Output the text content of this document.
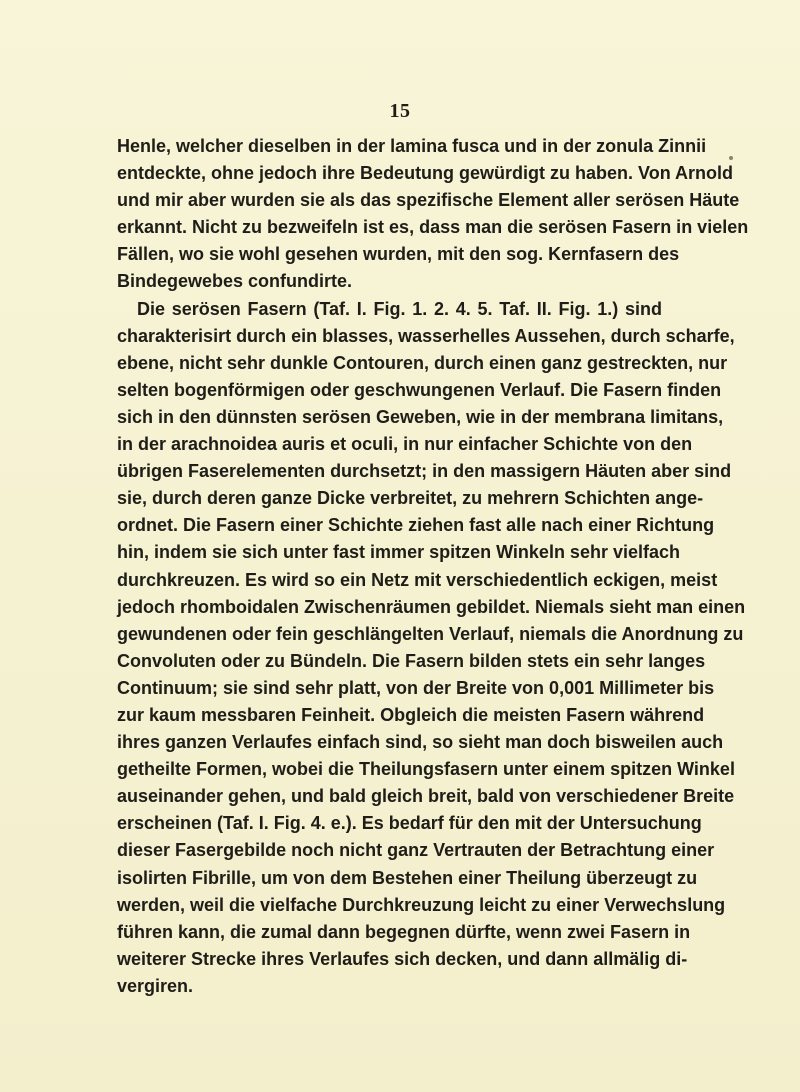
15
Henle, welcher dieselben in der lamina fusca und in der zonula Zinnii
entdeckte, ohne jedoch ihre Bedeutung gewürdigt zu haben. Von Arnold
und mir aber wurden sie als das spezifische Element aller serösen Häute
erkannt. Nicht zu bezweifeln ist es, dass man die serösen Fasern in vielen
Fällen, wo sie wohl gesehen wurden, mit den sog. Kernfasern des
Bindegewebes confundirte.
Die serösen Fasern (Taf. I. Fig. 1. 2. 4. 5. Taf. II. Fig. 1.) sind
charakterisirt durch ein blasses, wasserhelles Aussehen, durch scharfe,
ebene, nicht sehr dunkle Contouren, durch einen ganz gestreckten, nur
selten bogenförmigen oder geschwungenen Verlauf. Die Fasern finden
sich in den dünnsten serösen Geweben, wie in der membrana limitans,
in der arachnoidea auris et oculi, in nur einfacher Schichte von den
übrigen Faserelementen durchsetzt; in den massigern Häuten aber sind
sie, durch deren ganze Dicke verbreitet, zu mehrern Schichten ange-
ordnet. Die Fasern einer Schichte ziehen fast alle nach einer Richtung
hin, indem sie sich unter fast immer spitzen Winkeln sehr vielfach
durchkreuzen. Es wird so ein Netz mit verschiedentlich eckigen, meist
jedoch rhomboidalen Zwischenräumen gebildet. Niemals sieht man einen
gewundenen oder fein geschlängelten Verlauf, niemals die Anordnung zu
Convoluten oder zu Bündeln. Die Fasern bilden stets ein sehr langes
Continuum; sie sind sehr platt, von der Breite von 0,001 Millimeter bis
zur kaum messbaren Feinheit. Obgleich die meisten Fasern während
ihres ganzen Verlaufes einfach sind, so sieht man doch bisweilen auch
getheilte Formen, wobei die Theilungsfasern unter einem spitzen Winkel
auseinander gehen, und bald gleich breit, bald von verschiedener Breite
erscheinen (Taf. I. Fig. 4. e.). Es bedarf für den mit der Untersuchung
dieser Fasergebilde noch nicht ganz Vertrauten der Betrachtung einer
isolirten Fibrille, um von dem Bestehen einer Theilung überzeugt zu
werden, weil die vielfache Durchkreuzung leicht zu einer Verwechslung
führen kann, die zumal dann begegnen dürfte, wenn zwei Fasern in
weiterer Strecke ihres Verlaufes sich decken, und dann allmälig di-
vergiren.
